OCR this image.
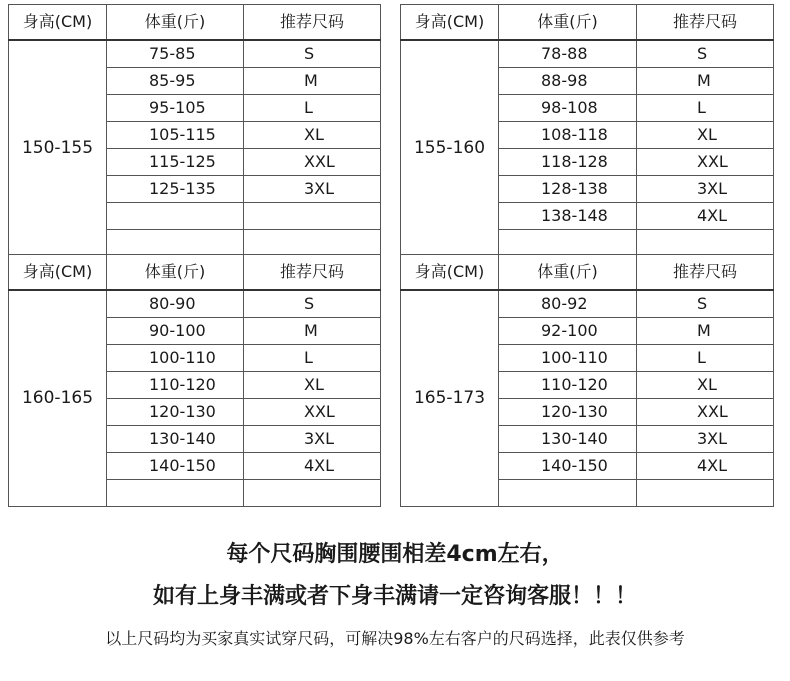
身高(CM)	体重(斤)	推荐尺码
150-155	75-85	S
	85-95	M
	95-105	L
	105-115	XL
	115-125	XXL
	125-135	3XL

身高(CM)	体重(斤)	推荐尺码
155-160	78-88	S
	88-98	M
	98-108	L
	108-118	XL
	118-128	XXL
	128-138	3XL
	138-148	4XL

身高(CM)	体重(斤)	推荐尺码
160-165	80-90	S
	90-100	M
	100-110	L
	110-120	XL
	120-130	XXL
	130-140	3XL
	140-150	4XL

身高(CM)	体重(斤)	推荐尺码
165-173	80-92	S
	92-100	M
	100-110	L
	110-120	XL
	120-130	XXL
	130-140	3XL
	140-150	4XL

每个尺码胸围腰围相差4cm左右，
如有上身丰满或者下身丰满请一定咨询客服！！！
以上尺码均为买家真实试穿尺码，可解决98%左右客户的尺码选择，此表仅供参考
